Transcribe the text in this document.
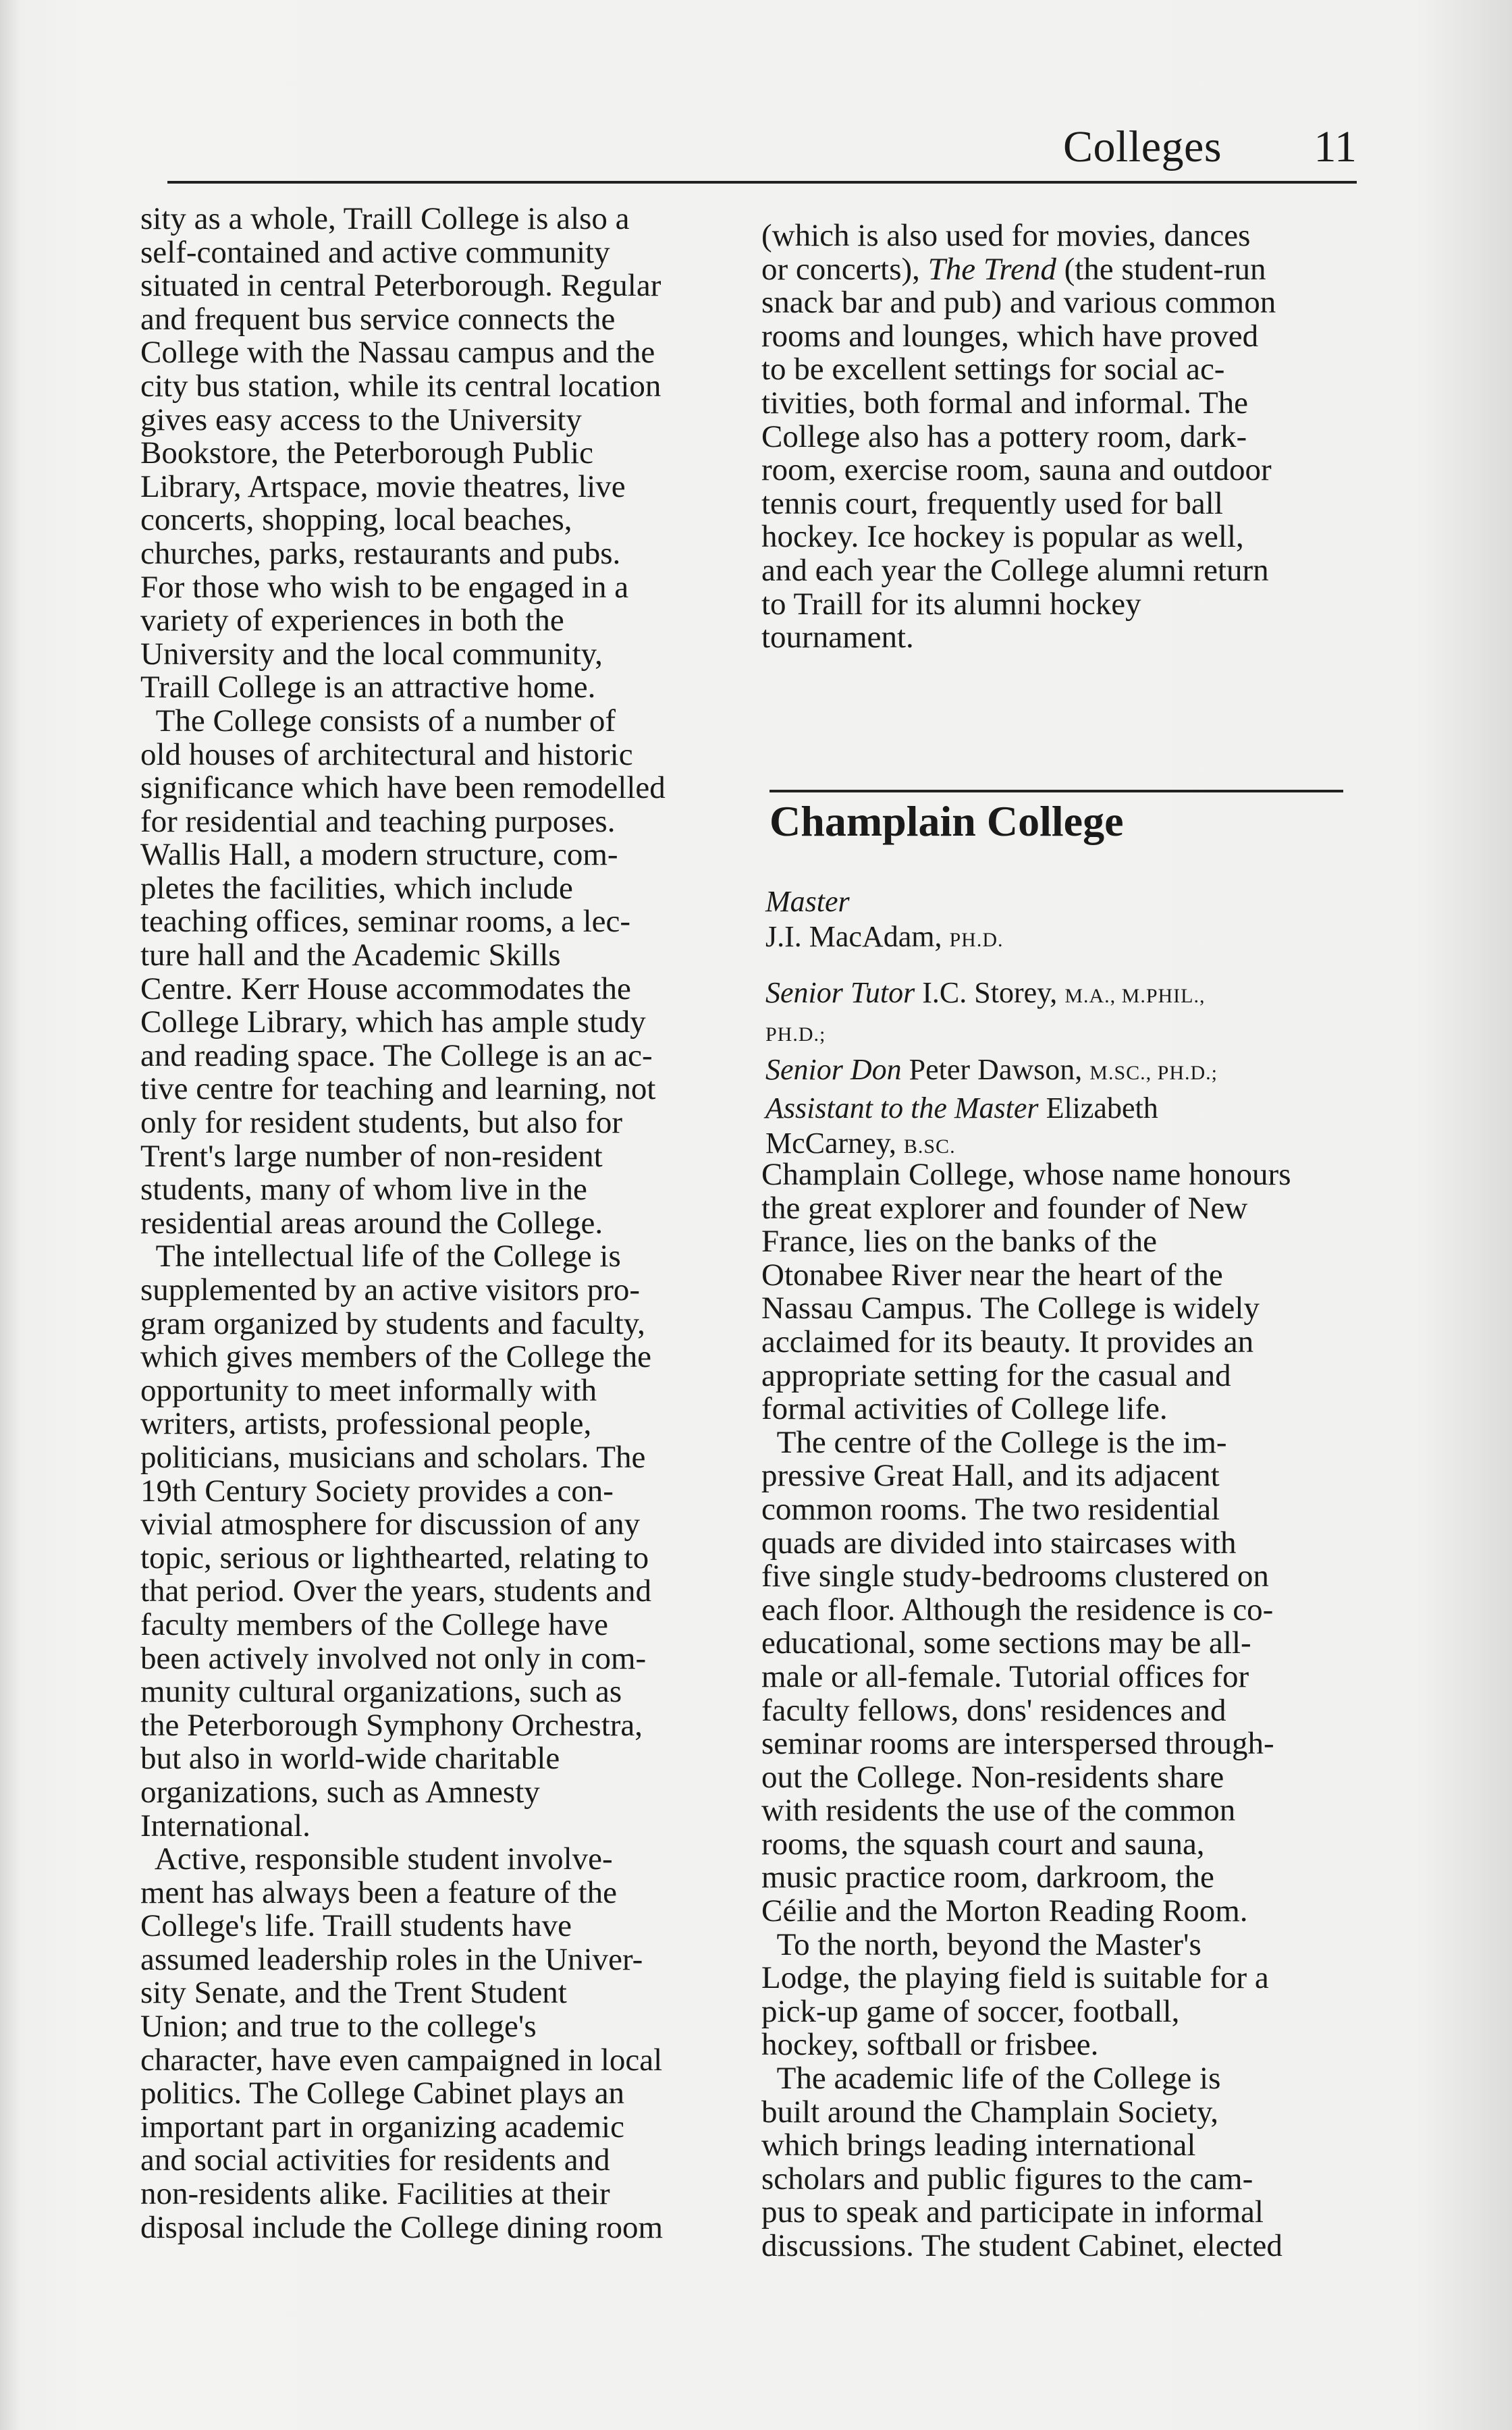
Colleges 11
sity as a whole, Traill College is also a
self-contained and active community
situated in central Peterborough. Regular
and frequent bus service connects the
College with the Nassau campus and the
city bus station, while its central location
gives easy access to the University
Bookstore, the Peterborough Public
Library, Artspace, movie theatres, live
concerts, shopping, local beaches,
churches, parks, restaurants and pubs.
For those who wish to be engaged in a
variety of experiences in both the
University and the local community,
Traill College is an attractive home.
The College consists of a number of
old houses of architectural and historic
significance which have been remodelled
for residential and teaching purposes.
Wallis Hall, a modern structure, com-
pletes the facilities, which include
teaching offices, seminar rooms, a lec-
ture hall and the Academic Skills
Centre. Kerr House accommodates the
College Library, which has ample study
and reading space. The College is an ac-
tive centre for teaching and learning, not
only for resident students, but also for
Trent's large number of non-resident
students, many of whom live in the
residential areas around the College.
The intellectual life of the College is
supplemented by an active visitors pro-
gram organized by students and faculty,
which gives members of the College the
opportunity to meet informally with
writers, artists, professional people,
politicians, musicians and scholars. The
19th Century Society provides a con-
vivial atmosphere for discussion of any
topic, serious or lighthearted, relating to
that period. Over the years, students and
faculty members of the College have
been actively involved not only in com-
munity cultural organizations, such as
the Peterborough Symphony Orchestra,
but also in world-wide charitable
organizations, such as Amnesty
International.
Active, responsible student involve-
ment has always been a feature of the
College's life. Traill students have
assumed leadership roles in the Univer-
sity Senate, and the Trent Student
Union; and true to the college's
character, have even campaigned in local
politics. The College Cabinet plays an
important part in organizing academic
and social activities for residents and
non-residents alike. Facilities at their
disposal include the College dining room
(which is also used for movies, dances
or concerts), The Trend (the student-run
snack bar and pub) and various common
rooms and lounges, which have proved
to be excellent settings for social ac-
tivities, both formal and informal. The
College also has a pottery room, dark-
room, exercise room, sauna and outdoor
tennis court, frequently used for ball
hockey. Ice hockey is popular as well,
and each year the College alumni return
to Traill for its alumni hockey
tournament.
Champlain College
Master
J.I. MacAdam, PH.D.
Senior Tutor I.C. Storey, M.A., M.PHIL.,
PH.D.;
Senior Don Peter Dawson, M.SC., PH.D.;
Assistant to the Master Elizabeth
McCarney, B.SC.
Champlain College, whose name honours
the great explorer and founder of New
France, lies on the banks of the
Otonabee River near the heart of the
Nassau Campus. The College is widely
acclaimed for its beauty. It provides an
appropriate setting for the casual and
formal activities of College life.
The centre of the College is the im-
pressive Great Hall, and its adjacent
common rooms. The two residential
quads are divided into staircases with
five single study-bedrooms clustered on
each floor. Although the residence is co-
educational, some sections may be all-
male or all-female. Tutorial offices for
faculty fellows, dons' residences and
seminar rooms are interspersed through-
out the College. Non-residents share
with residents the use of the common
rooms, the squash court and sauna,
music practice room, darkroom, the
Céilie and the Morton Reading Room.
To the north, beyond the Master's
Lodge, the playing field is suitable for a
pick-up game of soccer, football,
hockey, softball or frisbee.
The academic life of the College is
built around the Champlain Society,
which brings leading international
scholars and public figures to the cam-
pus to speak and participate in informal
discussions. The student Cabinet, elected
